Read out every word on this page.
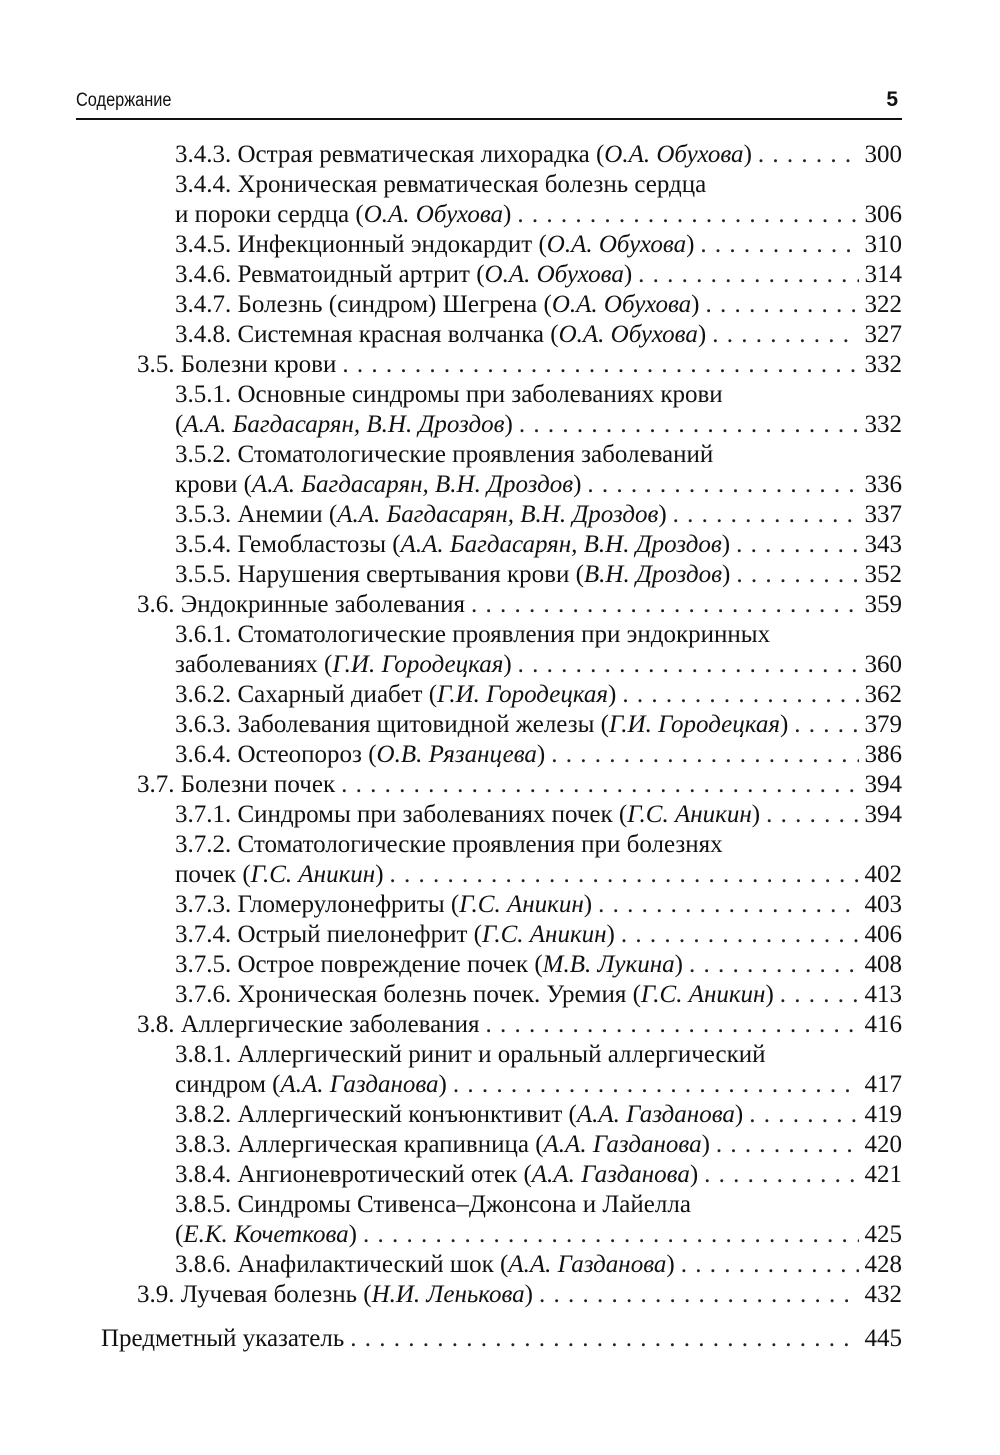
Содержание	5
3.4.3. Острая ревматическая лихорадка (О.А. Обухова) . . .	300
3.4.4. Хроническая ревматическая болезнь сердца
и пороки сердца (О.А. Обухова) . . .	306
3.4.5. Инфекционный эндокардит (О.А. Обухова) . . .	310
3.4.6. Ревматоидный артрит (О.А. Обухова) . . .	314
3.4.7. Болезнь (синдром) Шегрена (О.А. Обухова) . . .	322
3.4.8. Системная красная волчанка (О.А. Обухова) . . .	327
3.5. Болезни крови . . .	332
3.5.1. Основные синдромы при заболеваниях крови
(А.А. Багдасарян, В.Н. Дроздов) . . .	332
3.5.2. Стоматологические проявления заболеваний
крови (А.А. Багдасарян, В.Н. Дроздов) . . .	336
3.5.3. Анемии (А.А. Багдасарян, В.Н. Дроздов) . . .	337
3.5.4. Гемобластозы (А.А. Багдасарян, В.Н. Дроздов) . . .	343
3.5.5. Нарушения свертывания крови (В.Н. Дроздов) . . .	352
3.6. Эндокринные заболевания . . .	359
3.6.1. Стоматологические проявления при эндокринных
заболеваниях (Г.И. Городецкая) . . .	360
3.6.2. Сахарный диабет (Г.И. Городецкая) . . .	362
3.6.3. Заболевания щитовидной железы (Г.И. Городецкая) . . .	379
3.6.4. Остеопороз (О.В. Рязанцева) . . .	386
3.7. Болезни почек . . .	394
3.7.1. Синдромы при заболеваниях почек (Г.С. Аникин) . . .	394
3.7.2. Стоматологические проявления при болезнях
почек (Г.С. Аникин) . . .	402
3.7.3. Гломерулонефриты (Г.С. Аникин) . . .	403
3.7.4. Острый пиелонефрит (Г.С. Аникин) . . .	406
3.7.5. Острое повреждение почек (М.В. Лукина) . . .	408
3.7.6. Хроническая болезнь почек. Уремия (Г.С. Аникин) . . .	413
3.8. Аллергические заболевания . . .	416
3.8.1. Аллергический ринит и оральный аллергический
синдром (А.А. Газданова) . . .	417
3.8.2. Аллергический конъюнктивит (А.А. Газданова) . . .	419
3.8.3. Аллергическая крапивница (А.А. Газданова) . . .	420
3.8.4. Ангионевротический отек (А.А. Газданова) . . .	421
3.8.5. Синдромы Стивенса–Джонсона и Лайелла
(Е.К. Кочеткова) . . .	425
3.8.6. Анафилактический шок (А.А. Газданова) . . .	428
3.9. Лучевая болезнь (Н.И. Ленькова) . . .	432
Предметный указатель . . .	445
